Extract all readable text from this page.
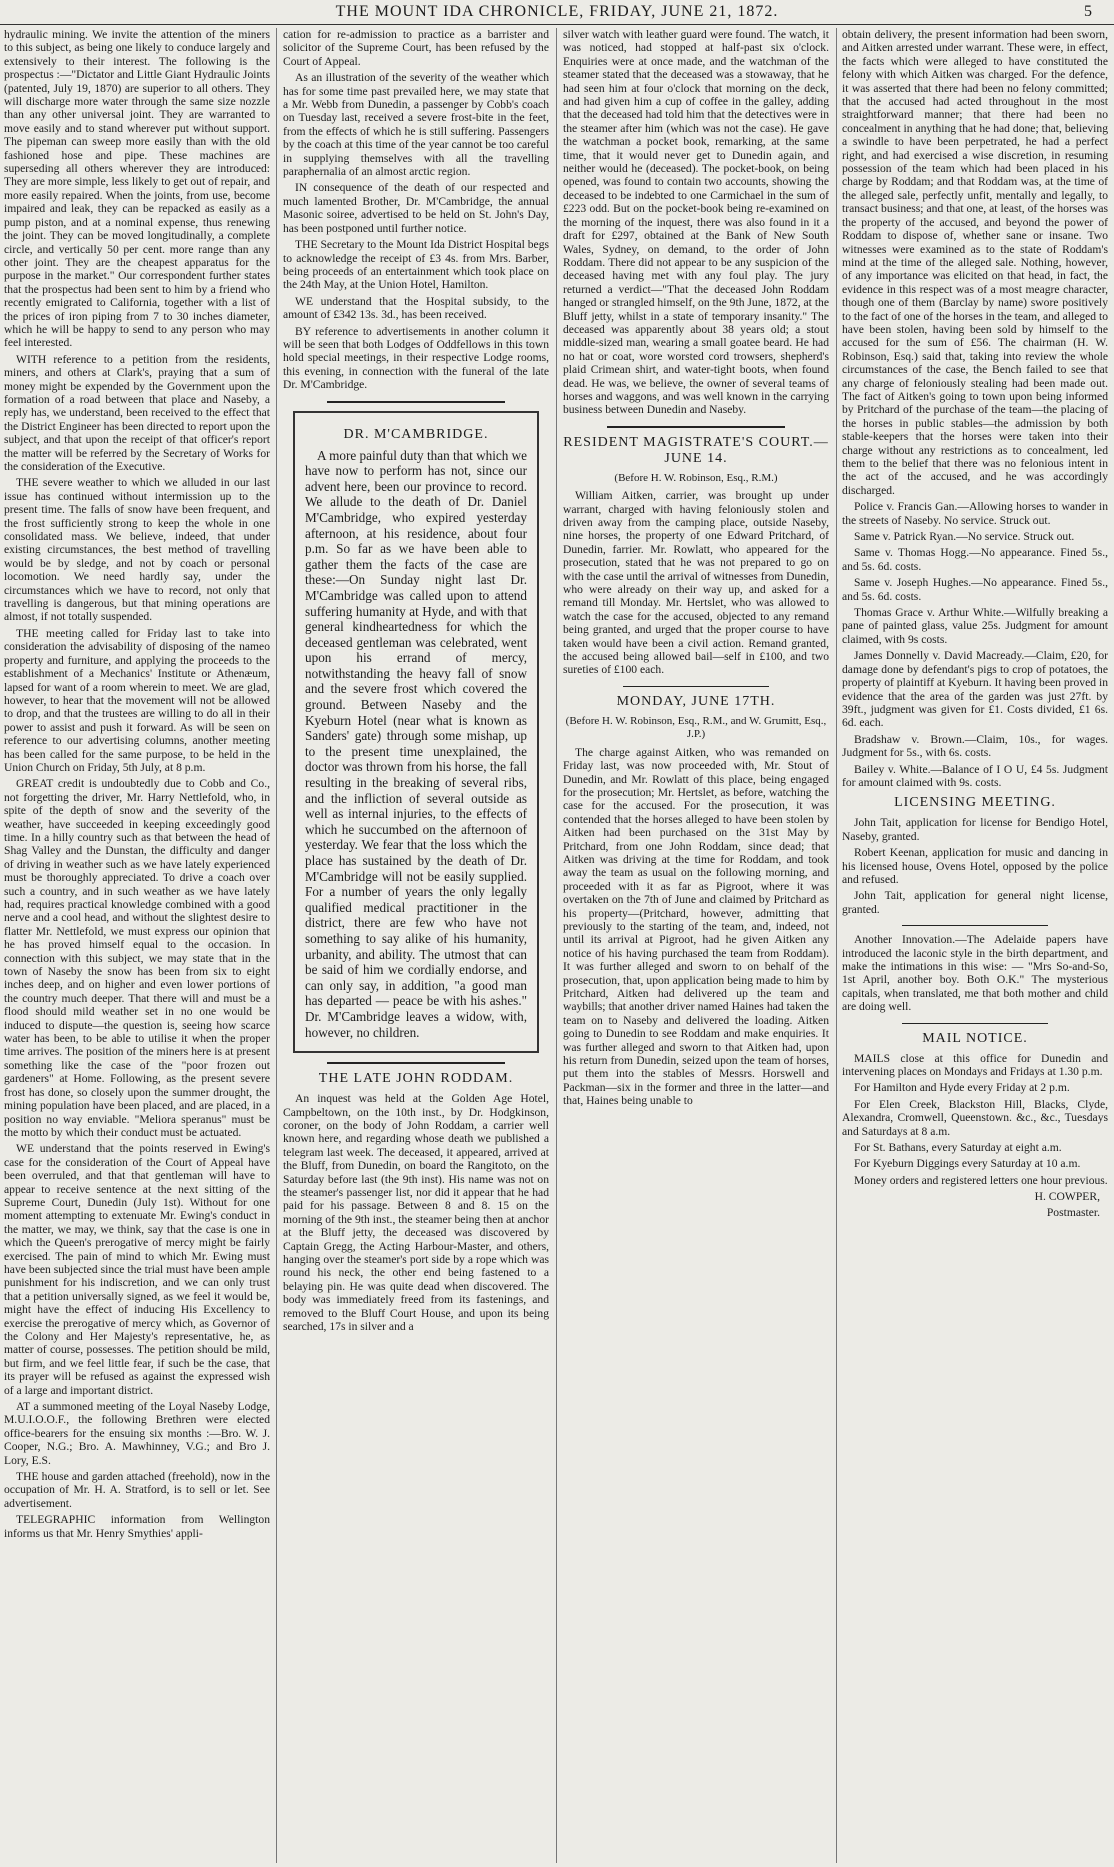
THE MOUNT IDA CHRONICLE, FRIDAY, JUNE 21, 1872.	5

hydraulic mining. We invite the attention of the miners to this subject, as being one likely to conduce largely and extensively to their interest. The following is the prospectus :—"Dictator and Little Giant Hydraulic Joints (patented, July 19, 1870) are superior to all others. They will discharge more water through the same size nozzle than any other universal joint. They are warranted to move easily and to stand wherever put without support. The pipeman can sweep more easily than with the old fashioned hose and pipe. These machines are superseding all others wherever they are introduced: They are more simple, less likely to get out of repair, and more easily repaired. When the joints, from use, become impaired and leak, they can be repacked as easily as a pump piston, and at a nominal expense, thus renewing the joint. They can be moved longitudinally, a complete circle, and vertically 50 per cent. more range than any other joint. They are the cheapest apparatus for the purpose in the market." Our correspondent further states that the prospectus had been sent to him by a friend who recently emigrated to California, together with a list of the prices of iron piping from 7 to 30 inches diameter, which he will be happy to send to any person who may feel interested.

WITH reference to a petition from the residents, miners, and others at Clark's, praying that a sum of money might be expended by the Government upon the formation of a road between that place and Naseby, a reply has, we understand, been received to the effect that the District Engineer has been directed to report upon the subject, and that upon the receipt of that officer's report the matter will be referred by the Secretary of Works for the consideration of the Executive.

THE severe weather to which we alluded in our last issue has continued without intermission up to the present time. The falls of snow have been frequent, and the frost sufficiently strong to keep the whole in one consolidated mass. We believe, indeed, that under existing circumstances, the best method of travelling would be by sledge, and not by coach or personal locomotion. We need hardly say, under the circumstances which we have to record, not only that travelling is dangerous, but that mining operations are almost, if not totally suspended.

THE meeting called for Friday last to take into consideration the advisability of disposing of the nameo property and furniture, and applying the proceeds to the establishment of a Mechanics' Institute or Athenæum, lapsed for want of a room wherein to meet. We are glad, however, to hear that the movement will not be allowed to drop, and that the trustees are willing to do all in their power to assist and push it forward. As will be seen on reference to our advertising columns, another meeting has been called for the same purpose, to be held in the Union Church on Friday, 5th July, at 8 p.m.

GREAT credit is undoubtedly due to Cobb and Co., not forgetting the driver, Mr. Harry Nettlefold, who, in spite of the depth of snow and the severity of the weather, have succeeded in keeping exceedingly good time. In a hilly country such as that between the head of Shag Valley and the Dunstan, the difficulty and danger of driving in weather such as we have lately experienced must be thoroughly appreciated. To drive a coach over such a country, and in such weather as we have lately had, requires practical knowledge combined with a good nerve and a cool head, and without the slightest desire to flatter Mr. Nettlefold, we must express our opinion that he has proved himself equal to the occasion. In connection with this subject, we may state that in the town of Naseby the snow has been from six to eight inches deep, and on higher and even lower portions of the country much deeper. That there will and must be a flood should mild weather set in no one would be induced to dispute—the question is, seeing how scarce water has been, to be able to utilise it when the proper time arrives. The position of the miners here is at present something like the case of the "poor frozen out gardeners" at Home. Following, as the present severe frost has done, so closely upon the summer drought, the mining population have been placed, and are placed, in a position no way enviable. "Meliora speranus" must be the motto by which their conduct must be actuated.

WE understand that the points reserved in Ewing's case for the consideration of the Court of Appeal have been overruled, and that that gentleman will have to appear to receive sentence at the next sitting of the Supreme Court, Dunedin (July 1st). Without for one moment attempting to extenuate Mr. Ewing's conduct in the matter, we may, we think, say that the case is one in which the Queen's prerogative of mercy might be fairly exercised. The pain of mind to which Mr. Ewing must have been subjected since the trial must have been ample punishment for his indiscretion, and we can only trust that a petition universally signed, as we feel it would be, might have the effect of inducing His Excellency to exercise the prerogative of mercy which, as Governor of the Colony and Her Majesty's representative, he, as matter of course, possesses. The petition should be mild, but firm, and we feel little fear, if such be the case, that its prayer will be refused as against the expressed wish of a large and important district.

AT a summoned meeting of the Loyal Naseby Lodge, M.U.I.O.O.F., the following Brethren were elected office-bearers for the ensuing six months :—Bro. W. J. Cooper, N.G.; Bro. A. Mawhinney, V.G.; and Bro J. Lory, E.S.

THE house and garden attached (freehold), now in the occupation of Mr. H. A. Stratford, is to sell or let. See advertisement.

TELEGRAPHIC information from Wellington informs us that Mr. Henry Smythies' appli-

cation for re-admission to practice as a barrister and solicitor of the Supreme Court, has been refused by the Court of Appeal.

As an illustration of the severity of the weather which has for some time past prevailed here, we may state that a Mr. Webb from Dunedin, a passenger by Cobb's coach on Tuesday last, received a severe frost-bite in the feet, from the effects of which he is still suffering. Passengers by the coach at this time of the year cannot be too careful in supplying themselves with all the travelling paraphernalia of an almost arctic region.

IN consequence of the death of our respected and much lamented Brother, Dr. M'Cambridge, the annual Masonic soiree, advertised to be held on St. John's Day, has been postponed until further notice.

THE Secretary to the Mount Ida District Hospital begs to acknowledge the receipt of £3 4s. from Mrs. Barber, being proceeds of an entertainment which took place on the 24th May, at the Union Hotel, Hamilton.

WE understand that the Hospital subsidy, to the amount of £342 13s. 3d., has been received.

BY reference to advertisements in another column it will be seen that both Lodges of Oddfellows in this town hold special meetings, in their respective Lodge rooms, this evening, in connection with the funeral of the late Dr. M'Cambridge.

DR. M'CAMBRIDGE.

A more painful duty than that which we have now to perform has not, since our advent here, been our province to record. We allude to the death of Dr. Daniel M'Cambridge, who expired yesterday afternoon, at his residence, about four p.m. So far as we have been able to gather them the facts of the case are these:—On Sunday night last Dr. M'Cambridge was called upon to attend suffering humanity at Hyde, and with that general kindheartedness for which the deceased gentleman was celebrated, went upon his errand of mercy, notwithstanding the heavy fall of snow and the severe frost which covered the ground. Between Naseby and the Kyeburn Hotel (near what is known as Sanders' gate) through some mishap, up to the present time unexplained, the doctor was thrown from his horse, the fall resulting in the breaking of several ribs, and the infliction of several outside as well as internal injuries, to the effects of which he succumbed on the afternoon of yesterday. We fear that the loss which the place has sustained by the death of Dr. M'Cambridge will not be easily supplied. For a number of years the only legally qualified medical practitioner in the district, there are few who have not something to say alike of his humanity, urbanity, and ability. The utmost that can be said of him we cordially endorse, and can only say, in addition, "a good man has departed — peace be with his ashes." Dr. M'Cambridge leaves a widow, with, however, no children.

THE LATE JOHN RODDAM.

An inquest was held at the Golden Age Hotel, Campbeltown, on the 10th inst., by Dr. Hodgkinson, coroner, on the body of John Roddam, a carrier well known here, and regarding whose death we published a telegram last week. The deceased, it appeared, arrived at the Bluff, from Dunedin, on board the Rangitoto, on the Saturday before last (the 9th inst). His name was not on the steamer's passenger list, nor did it appear that he had paid for his passage. Between 8 and 8. 15 on the morning of the 9th inst., the steamer being then at anchor at the Bluff jetty, the deceased was discovered by Captain Gregg, the Acting Harbour-Master, and others, hanging over the steamer's port side by a rope which was round his neck, the other end being fastened to a belaying pin. He was quite dead when discovered. The body was immediately freed from its fastenings, and removed to the Bluff Court House, and upon its being searched, 17s in silver and a

silver watch with leather guard were found. The watch, it was noticed, had stopped at half-past six o'clock. Enquiries were at once made, and the watchman of the steamer stated that the deceased was a stowaway, that he had seen him at four o'clock that morning on the deck, and had given him a cup of coffee in the galley, adding that the deceased had told him that the detectives were in the steamer after him (which was not the case). He gave the watchman a pocket book, remarking, at the same time, that it would never get to Dunedin again, and neither would he (deceased). The pocket-book, on being opened, was found to contain two accounts, showing the deceased to be indebted to one Carmichael in the sum of £223 odd. But on the pocket-book being re-examined on the morning of the inquest, there was also found in it a draft for £297, obtained at the Bank of New South Wales, Sydney, on demand, to the order of John Roddam. There did not appear to be any suspicion of the deceased having met with any foul play. The jury returned a verdict—"That the deceased John Roddam hanged or strangled himself, on the 9th June, 1872, at the Bluff jetty, whilst in a state of temporary insanity." The deceased was apparently about 38 years old; a stout middle-sized man, wearing a small goatee beard. He had no hat or coat, wore worsted cord trowsers, shepherd's plaid Crimean shirt, and water-tight boots, when found dead. He was, we believe, the owner of several teams of horses and waggons, and was well known in the carrying business between Dunedin and Naseby.

RESIDENT MAGISTRATE'S COURT.—JUNE 14.
(Before H. W. Robinson, Esq., R.M.)

William Aitken, carrier, was brought up under warrant, charged with having feloniously stolen and driven away from the camping place, outside Naseby, nine horses, the property of one Edward Pritchard, of Dunedin, farrier. Mr. Rowlatt, who appeared for the prosecution, stated that he was not prepared to go on with the case until the arrival of witnesses from Dunedin, who were already on their way up, and asked for a remand till Monday. Mr. Hertslet, who was allowed to watch the case for the accused, objected to any remand being granted, and urged that the proper course to have taken would have been a civil action. Remand granted, the accused being allowed bail—self in £100, and two sureties of £100 each.

MONDAY, JUNE 17TH.
(Before H. W. Robinson, Esq., R.M., and W. Grumitt, Esq., J.P.)

The charge against Aitken, who was remanded on Friday last, was now proceeded with, Mr. Stout of Dunedin, and Mr. Rowlatt of this place, being engaged for the prosecution; Mr. Hertslet, as before, watching the case for the accused. For the prosecution, it was contended that the horses alleged to have been stolen by Aitken had been purchased on the 31st May by Pritchard, from one John Roddam, since dead; that Aitken was driving at the time for Roddam, and took away the team as usual on the following morning, and proceeded with it as far as Pigroot, where it was overtaken on the 7th of June and claimed by Pritchard as his property—(Pritchard, however, admitting that previously to the starting of the team, and, indeed, not until its arrival at Pigroot, had he given Aitken any notice of his having purchased the team from Roddam). It was further alleged and sworn to on behalf of the prosecution, that, upon application being made to him by Pritchard, Aitken had delivered up the team and waybills; that another driver named Haines had taken the team on to Naseby and delivered the loading. Aitken going to Dunedin to see Roddam and make enquiries. It was further alleged and sworn to that Aitken had, upon his return from Dunedin, seized upon the team of horses, put them into the stables of Messrs. Horswell and Packman—six in the former and three in the latter—and that, Haines being unable to

obtain delivery, the present information had been sworn, and Aitken arrested under warrant. These were, in effect, the facts which were alleged to have constituted the felony with which Aitken was charged. For the defence, it was asserted that there had been no felony committed; that the accused had acted throughout in the most straightforward manner; that there had been no concealment in anything that he had done; that, believing a swindle to have been perpetrated, he had a perfect right, and had exercised a wise discretion, in resuming possession of the team which had been placed in his charge by Roddam; and that Roddam was, at the time of the alleged sale, perfectly unfit, mentally and legally, to transact business; and that one, at least, of the horses was the property of the accused, and beyond the power of Roddam to dispose of, whether sane or insane. Two witnesses were examined as to the state of Roddam's mind at the time of the alleged sale. Nothing, however, of any importance was elicited on that head, in fact, the evidence in this respect was of a most meagre character, though one of them (Barclay by name) swore positively to the fact of one of the horses in the team, and alleged to have been stolen, having been sold by himself to the accused for the sum of £56. The chairman (H. W. Robinson, Esq.) said that, taking into review the whole circumstances of the case, the Bench failed to see that any charge of feloniously stealing had been made out. The fact of Aitken's going to town upon being informed by Pritchard of the purchase of the team—the placing of the horses in public stables—the admission by both stable-keepers that the horses were taken into their charge without any restrictions as to concealment, led them to the belief that there was no felonious intent in the act of the accused, and he was accordingly discharged.

Police v. Francis Gan.—Allowing horses to wander in the streets of Naseby. No service. Struck out.

Same v. Patrick Ryan.—No service. Struck out.

Same v. Thomas Hogg.—No appearance. Fined 5s., and 5s. 6d. costs.

Same v. Joseph Hughes.—No appearance. Fined 5s., and 5s. 6d. costs.

Thomas Grace v. Arthur White.—Wilfully breaking a pane of painted glass, value 25s. Judgment for amount claimed, with 9s costs.

James Donnelly v. David Macready.—Claim, £20, for damage done by defendant's pigs to crop of potatoes, the property of plaintiff at Kyeburn. It having been proved in evidence that the area of the garden was just 27ft. by 39ft., judgment was given for £1. Costs divided, £1 6s. 6d. each.

Bradshaw v. Brown.—Claim, 10s., for wages. Judgment for 5s., with 6s. costs.

Bailey v. White.—Balance of I O U, £4 5s. Judgment for amount claimed with 9s. costs.

LICENSING MEETING.

John Tait, application for license for Bendigo Hotel, Naseby, granted.

Robert Keenan, application for music and dancing in his licensed house, Ovens Hotel, opposed by the police and refused.

John Tait, application for general night license, granted.

Another Innovation.—The Adelaide papers have introduced the laconic style in the birth department, and make the intimations in this wise: — "Mrs So-and-So, 1st April, another boy. Both O.K." The mysterious capitals, when translated, me that both mother and child are doing well.

MAIL NOTICE.

MAILS close at this office for Dunedin and intervening places on Mondays and Fridays at 1.30 p.m.

For Hamilton and Hyde every Friday at 2 p.m.

For Elen Creek, Blackston Hill, Blacks, Clyde, Alexandra, Cromwell, Queenstown. &c., &c., Tuesdays and Saturdays at 8 a.m.

For St. Bathans, every Saturday at eight a.m.

For Kyeburn Diggings every Saturday at 10 a.m.

Money orders and registered letters one hour previous.

H. COWPER,
Postmaster.
